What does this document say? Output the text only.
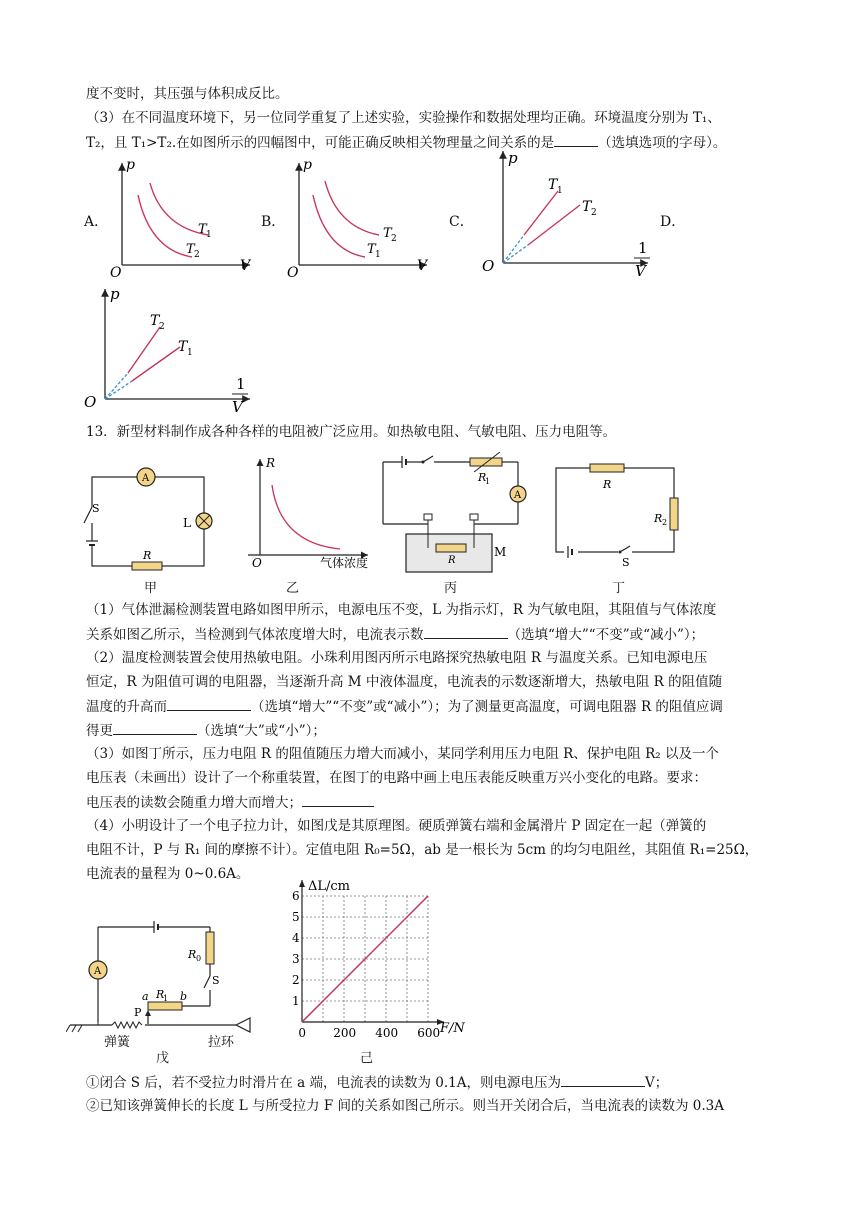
度不变时，其压强与体积成反比。
（3）在不同温度环境下，另一位同学重复了上述实验，实验操作和数据处理均正确。环境温度分别为 T₁、
T₂，且 T₁>T₂.在如图所示的四幅图中，可能正确反映相关物理量之间关系的是	（选填选项的字母）。
A．	B．	C．	D．
p
V
O
T 1
T 2
p
V
O
T 2
T 1
p
O
1
V
T 1
T 2
p
O
1
V
T 2
T 1
13．新型材料制作成各种各样的电阻被广泛应用。如热敏电阻、气敏电阻、压力电阻等。
S
A
L
R
甲
R
O	气体浓度
乙
R
1
A
R
M
丙
R
R 2
S
丁
（1）气体泄漏检测装置电路如图甲所示，电源电压不变，L 为指示灯，R 为气敏电阻，其阻值与气体浓度
关系如图乙所示，当检测到气体浓度增大时，电流表示数	（选填“增大”“不变”或“减小”）；
（2）温度检测装置会使用热敏电阻。小珠利用图丙所示电路探究热敏电阻 R 与温度关系。已知电源电压
恒定，R 为阻值可调的电阻器，当逐渐升高 M 中液体温度，电流表的示数逐渐增大，热敏电阻 R 的阻值随
温度的升高而	（选填“增大”“不变”或“减小”）；为了测量更高温度，可调电阻器 R 的阻值应调
得更	（选填“大”或“小”）；
（3）如图丁所示，压力电阻 R 的阻值随压力增大而减小，某同学利用压力电阻 R、保护电阻 R₂ 以及一个
电压表（未画出）设计了一个称重装置，在图丁的电路中画上电压表能反映重万兴小变化的电路。要求：
电压表的读数会随重力增大而增大；
（4）小明设计了一个电子拉力计，如图戊是其原理图。硬质弹簧右端和金属滑片 P 固定在一起（弹簧的
电阻不计，P 与 R₁ 间的摩擦不计）。定值电阻 R₀=5Ω，ab 是一根长为 5cm 的均匀电阻丝，其阻值 R₁=25Ω，
电流表的量程为 0~0.6A。
R 0
S
A
R
1
a	b
P
弹簧	拉环
戊
0 200 400 600
1
2
3
4
5
6
ΔL/cm
F/N
己
①闭合 S 后，若不受拉力时滑片在 a 端，电流表的读数为 0.1A，则电源电压为	V；
②已知该弹簧伸长的长度 L 与所受拉力 F 间的关系如图己所示。则当开关闭合后，当电流表的读数为 0.3A
